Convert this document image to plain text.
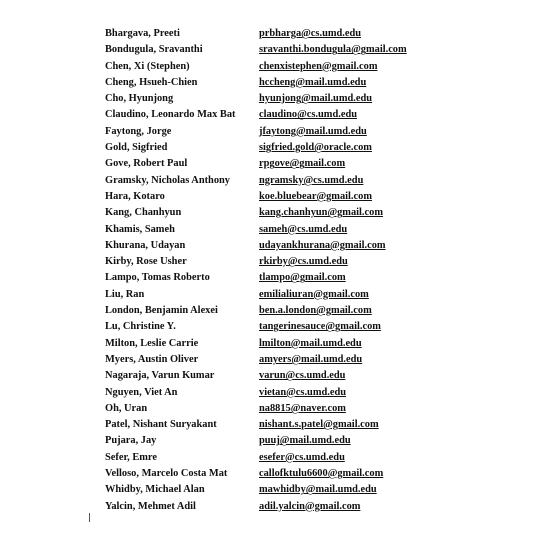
Bhargava, Preeti	prbharga@cs.umd.edu
Bondugula, Sravanthi	sravanthi.bondugula@gmail.com
Chen, Xi (Stephen)	chenxistephen@gmail.com
Cheng, Hsueh-Chien	hccheng@mail.umd.edu
Cho, Hyunjong	hyunjong@mail.umd.edu
Claudino, Leonardo Max Bat	claudino@cs.umd.edu
Faytong, Jorge	jfaytong@mail.umd.edu
Gold, Sigfried	sigfried.gold@oracle.com
Gove, Robert Paul	rpgove@gmail.com
Gramsky, Nicholas Anthony	ngramsky@cs.umd.edu
Hara, Kotaro	koe.bluebear@gmail.com
Kang, Chanhyun	kang.chanhyun@gmail.com
Khamis, Sameh	sameh@cs.umd.edu
Khurana, Udayan	udayankhurana@gmail.com
Kirby, Rose Usher	rkirby@cs.umd.edu
Lampo, Tomas Roberto	tlampo@gmail.com
Liu, Ran	emilialiuran@gmail.com
London, Benjamin Alexei	ben.a.london@gmail.com
Lu, Christine Y.	tangerinesauce@gmail.com
Milton, Leslie Carrie	lmilton@mail.umd.edu
Myers, Austin Oliver	amyers@mail.umd.edu
Nagaraja, Varun Kumar	varun@cs.umd.edu
Nguyen, Viet An	vietan@cs.umd.edu
Oh, Uran	na8815@naver.com
Patel, Nishant Suryakant	nishant.s.patel@gmail.com
Pujara, Jay	puuj@mail.umd.edu
Sefer, Emre	esefer@cs.umd.edu
Velloso, Marcelo Costa Mat	callofktulu6600@gmail.com
Whidby, Michael Alan	mawhidby@mail.umd.edu
Yalcin, Mehmet Adil	adil.yalcin@gmail.com
